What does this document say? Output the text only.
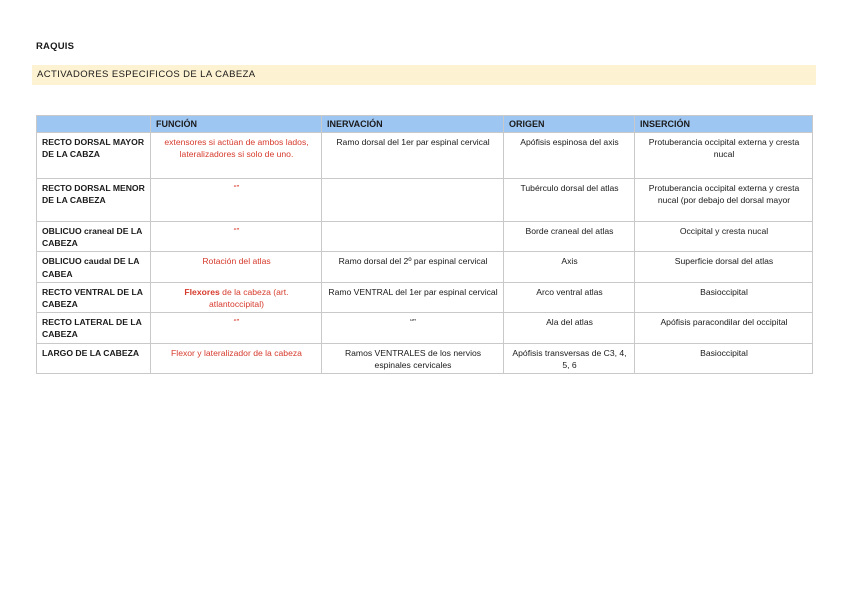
RAQUIS
ACTIVADORES ESPECIFICOS DE LA CABEZA
	FUNCIÓN	INERVACIÓN	ORIGEN	INSERCIÓN
RECTO DORSAL MAYOR DE LA CABZA	extensores si actúan de ambos lados, lateralizadores si solo de uno.	Ramo dorsal del 1er par espinal cervical	Apófisis espinosa del axis	Protuberancia occipital externa y cresta nucal
RECTO DORSAL MENOR DE LA CABEZA	“”		Tubérculo dorsal del atlas	Protuberancia occipital externa y cresta nucal (por debajo del dorsal mayor
OBLICUO craneal DE LA CABEZA	“”		Borde craneal del atlas	Occipital y cresta nucal
OBLICUO caudal DE LA CABEA	Rotación del atlas	Ramo dorsal del 2º par espinal cervical	Axis	Superficie dorsal del atlas
RECTO VENTRAL DE LA CABEZA	Flexores de la cabeza (art. atlantoccipital)	Ramo VENTRAL del 1er par espinal cervical	Arco ventral atlas	Basioccipital
RECTO LATERAL DE LA CABEZA	“”	“”	Ala del atlas	Apófisis paracondilar del occipital
LARGO DE LA CABEZA	Flexor y lateralizador de la cabeza	Ramos VENTRALES de los nervios espinales cervicales	Apófisis transversas de C3, 4, 5, 6	Basioccipital
